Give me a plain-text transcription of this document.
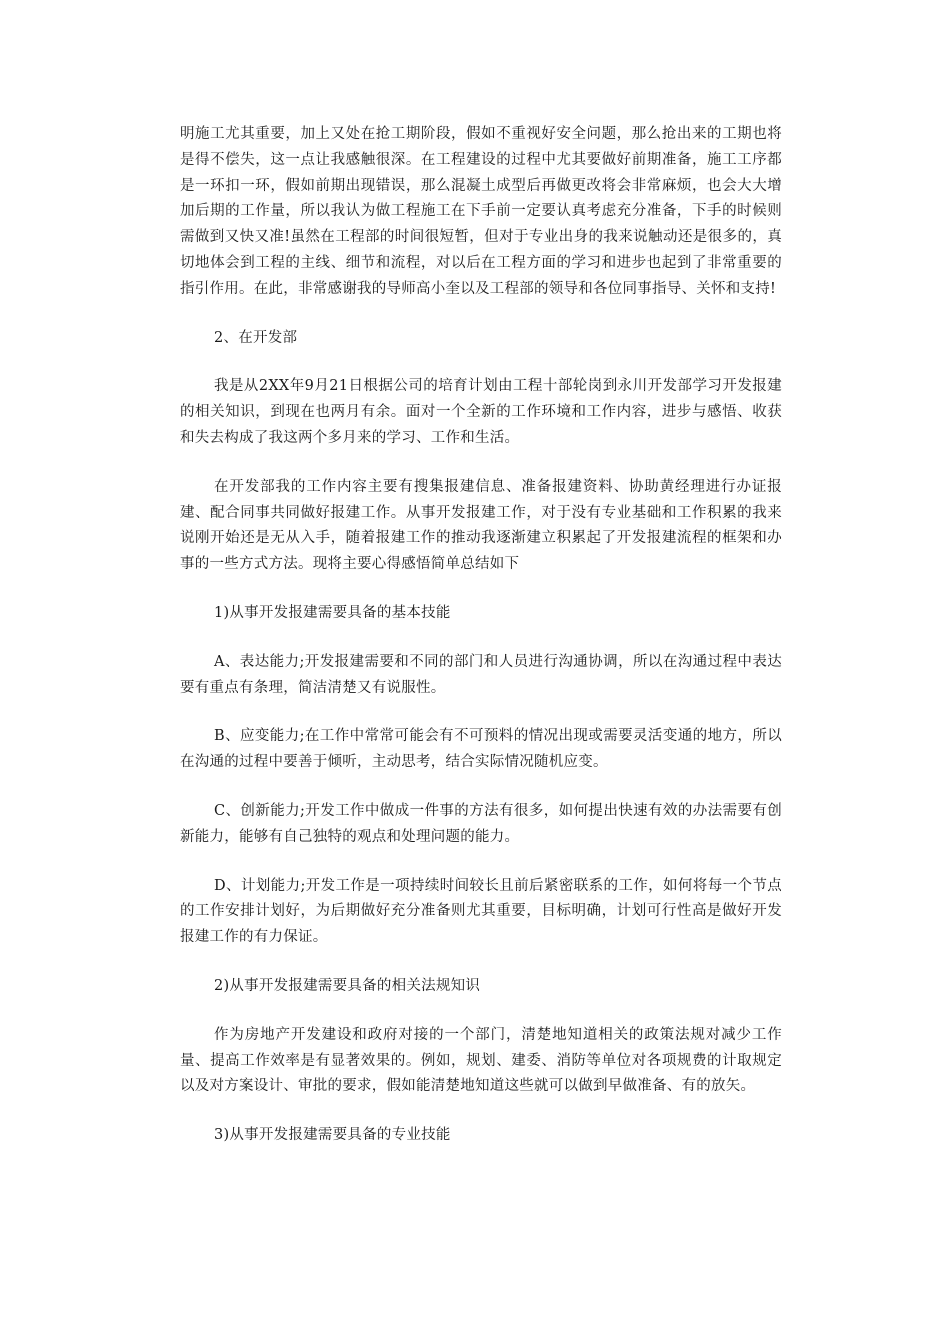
明施工尤其重要，加上又处在抢工期阶段，假如不重视好安全问题，那么抢出来的工期也将是得不偿失，这一点让我感触很深。在工程建设的过程中尤其要做好前期准备，施工工序都是一环扣一环，假如前期出现错误，那么混凝土成型后再做更改将会非常麻烦，也会大大增加后期的工作量，所以我认为做工程施工在下手前一定要认真考虑充分准备，下手的时候则需做到又快又准!虽然在工程部的时间很短暂，但对于专业出身的我来说触动还是很多的，真切地体会到工程的主线、细节和流程，对以后在工程方面的学习和进步也起到了非常重要的指引作用。在此，非常感谢我的导师高小奎以及工程部的领导和各位同事指导、关怀和支持!

2、在开发部

我是从2XX年9月21日根据公司的培育计划由工程十部轮岗到永川开发部学习开发报建的相关知识，到现在也两月有余。面对一个全新的工作环境和工作内容，进步与感悟、收获和失去构成了我这两个多月来的学习、工作和生活。

在开发部我的工作内容主要有搜集报建信息、准备报建资料、协助黄经理进行办证报建、配合同事共同做好报建工作。从事开发报建工作，对于没有专业基础和工作积累的我来说刚开始还是无从入手，随着报建工作的推动我逐渐建立积累起了开发报建流程的框架和办事的一些方式方法。现将主要心得感悟简单总结如下

1)从事开发报建需要具备的基本技能

A、表达能力;开发报建需要和不同的部门和人员进行沟通协调，所以在沟通过程中表达要有重点有条理，简洁清楚又有说服性。

B、应变能力;在工作中常常可能会有不可预料的情况出现或需要灵活变通的地方，所以在沟通的过程中要善于倾听，主动思考，结合实际情况随机应变。

C、创新能力;开发工作中做成一件事的方法有很多，如何提出快速有效的办法需要有创新能力，能够有自己独特的观点和处理问题的能力。

D、计划能力;开发工作是一项持续时间较长且前后紧密联系的工作，如何将每一个节点的工作安排计划好，为后期做好充分准备则尤其重要，目标明确，计划可行性高是做好开发报建工作的有力保证。

2)从事开发报建需要具备的相关法规知识

作为房地产开发建设和政府对接的一个部门，清楚地知道相关的政策法规对减少工作量、提高工作效率是有显著效果的。例如，规划、建委、消防等单位对各项规费的计取规定以及对方案设计、审批的要求，假如能清楚地知道这些就可以做到早做准备、有的放矢。

3)从事开发报建需要具备的专业技能
